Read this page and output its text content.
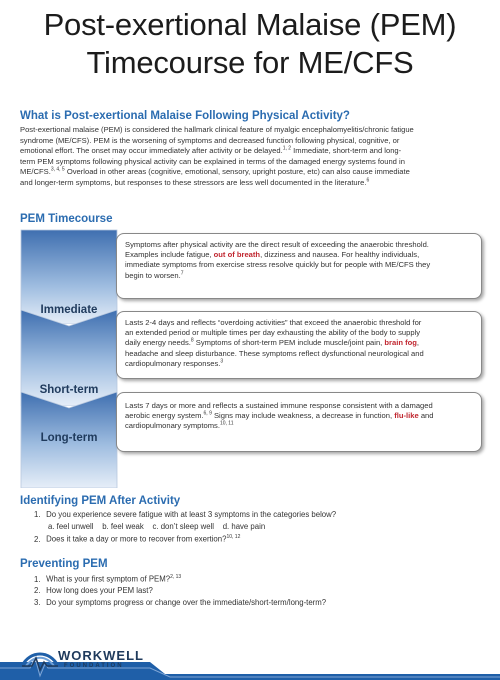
Post-exertional Malaise (PEM)
Timecourse for ME/CFS
What is Post-exertional Malaise Following Physical Activity?
Post-exertional malaise (PEM) is considered the hallmark clinical feature of myalgic encephalomyelitis/chronic fatigue
syndrome (ME/CFS). PEM is the worsening of symptoms and decreased function following physical, cognitive, or
emotional effort. The onset may occur immediately after activity or be delayed.$^{1, 2}$ Immediate, short-term and long-
term PEM symptoms following physical activity can be explained in terms of the damaged energy systems found in
ME/CFS.$^{3, 4, 5}$ Overload in other areas (cognitive, emotional, sensory, upright posture, etc) can also cause immediate
and longer-term symptoms, but responses to these stressors are less well documented in the literature.$^6$
PEM Timecourse
Immediate
Symptoms after physical activity are the direct result of exceeding the anaerobic threshold.
Examples include fatigue, out of breath, dizziness and nausea. For healthy individuals,
immediate symptoms from exercise stress resolve quickly but for people with ME/CFS they
begin to worsen.$^7$
Short-term
Lasts 2-4 days and reflects “overdoing activities” that exceed the anaerobic threshold for
an extended period or multiple times per day exhausting the ability of the body to supply
daily energy needs.$^8$ Symptoms of short-term PEM include muscle/joint pain, brain fog,
headache and sleep disturbance. These symptoms reflect dysfunctional neurological and
cardiopulmonary responses.$^3$
Long-term
Lasts 7 days or more and reflects a sustained immune response consistent with a damaged
aerobic energy system.$^{6, 9}$ Signs may include weakness, a decrease in function, flu-like and
cardiopulmonary symptoms.$^{10, 11}$
Identifying PEM After Activity
1. Do you experience severe fatigue with at least 3 symptoms in the categories below?
a. feel unwell b. feel weak c. don’t sleep well d. have pain
2. Does it take a day or more to recover from exertion?$^{10, 12}$
Preventing PEM
1. What is your first symptom of PEM?$^{2, 13}$
2. How long does your PEM last?
3. Do your symptoms progress or change over the immediate/short-term/long-term?
WORKWELL
FOUNDATION
A Fiscally Sponsored Program of United Charitable, a registered 501(c)3
